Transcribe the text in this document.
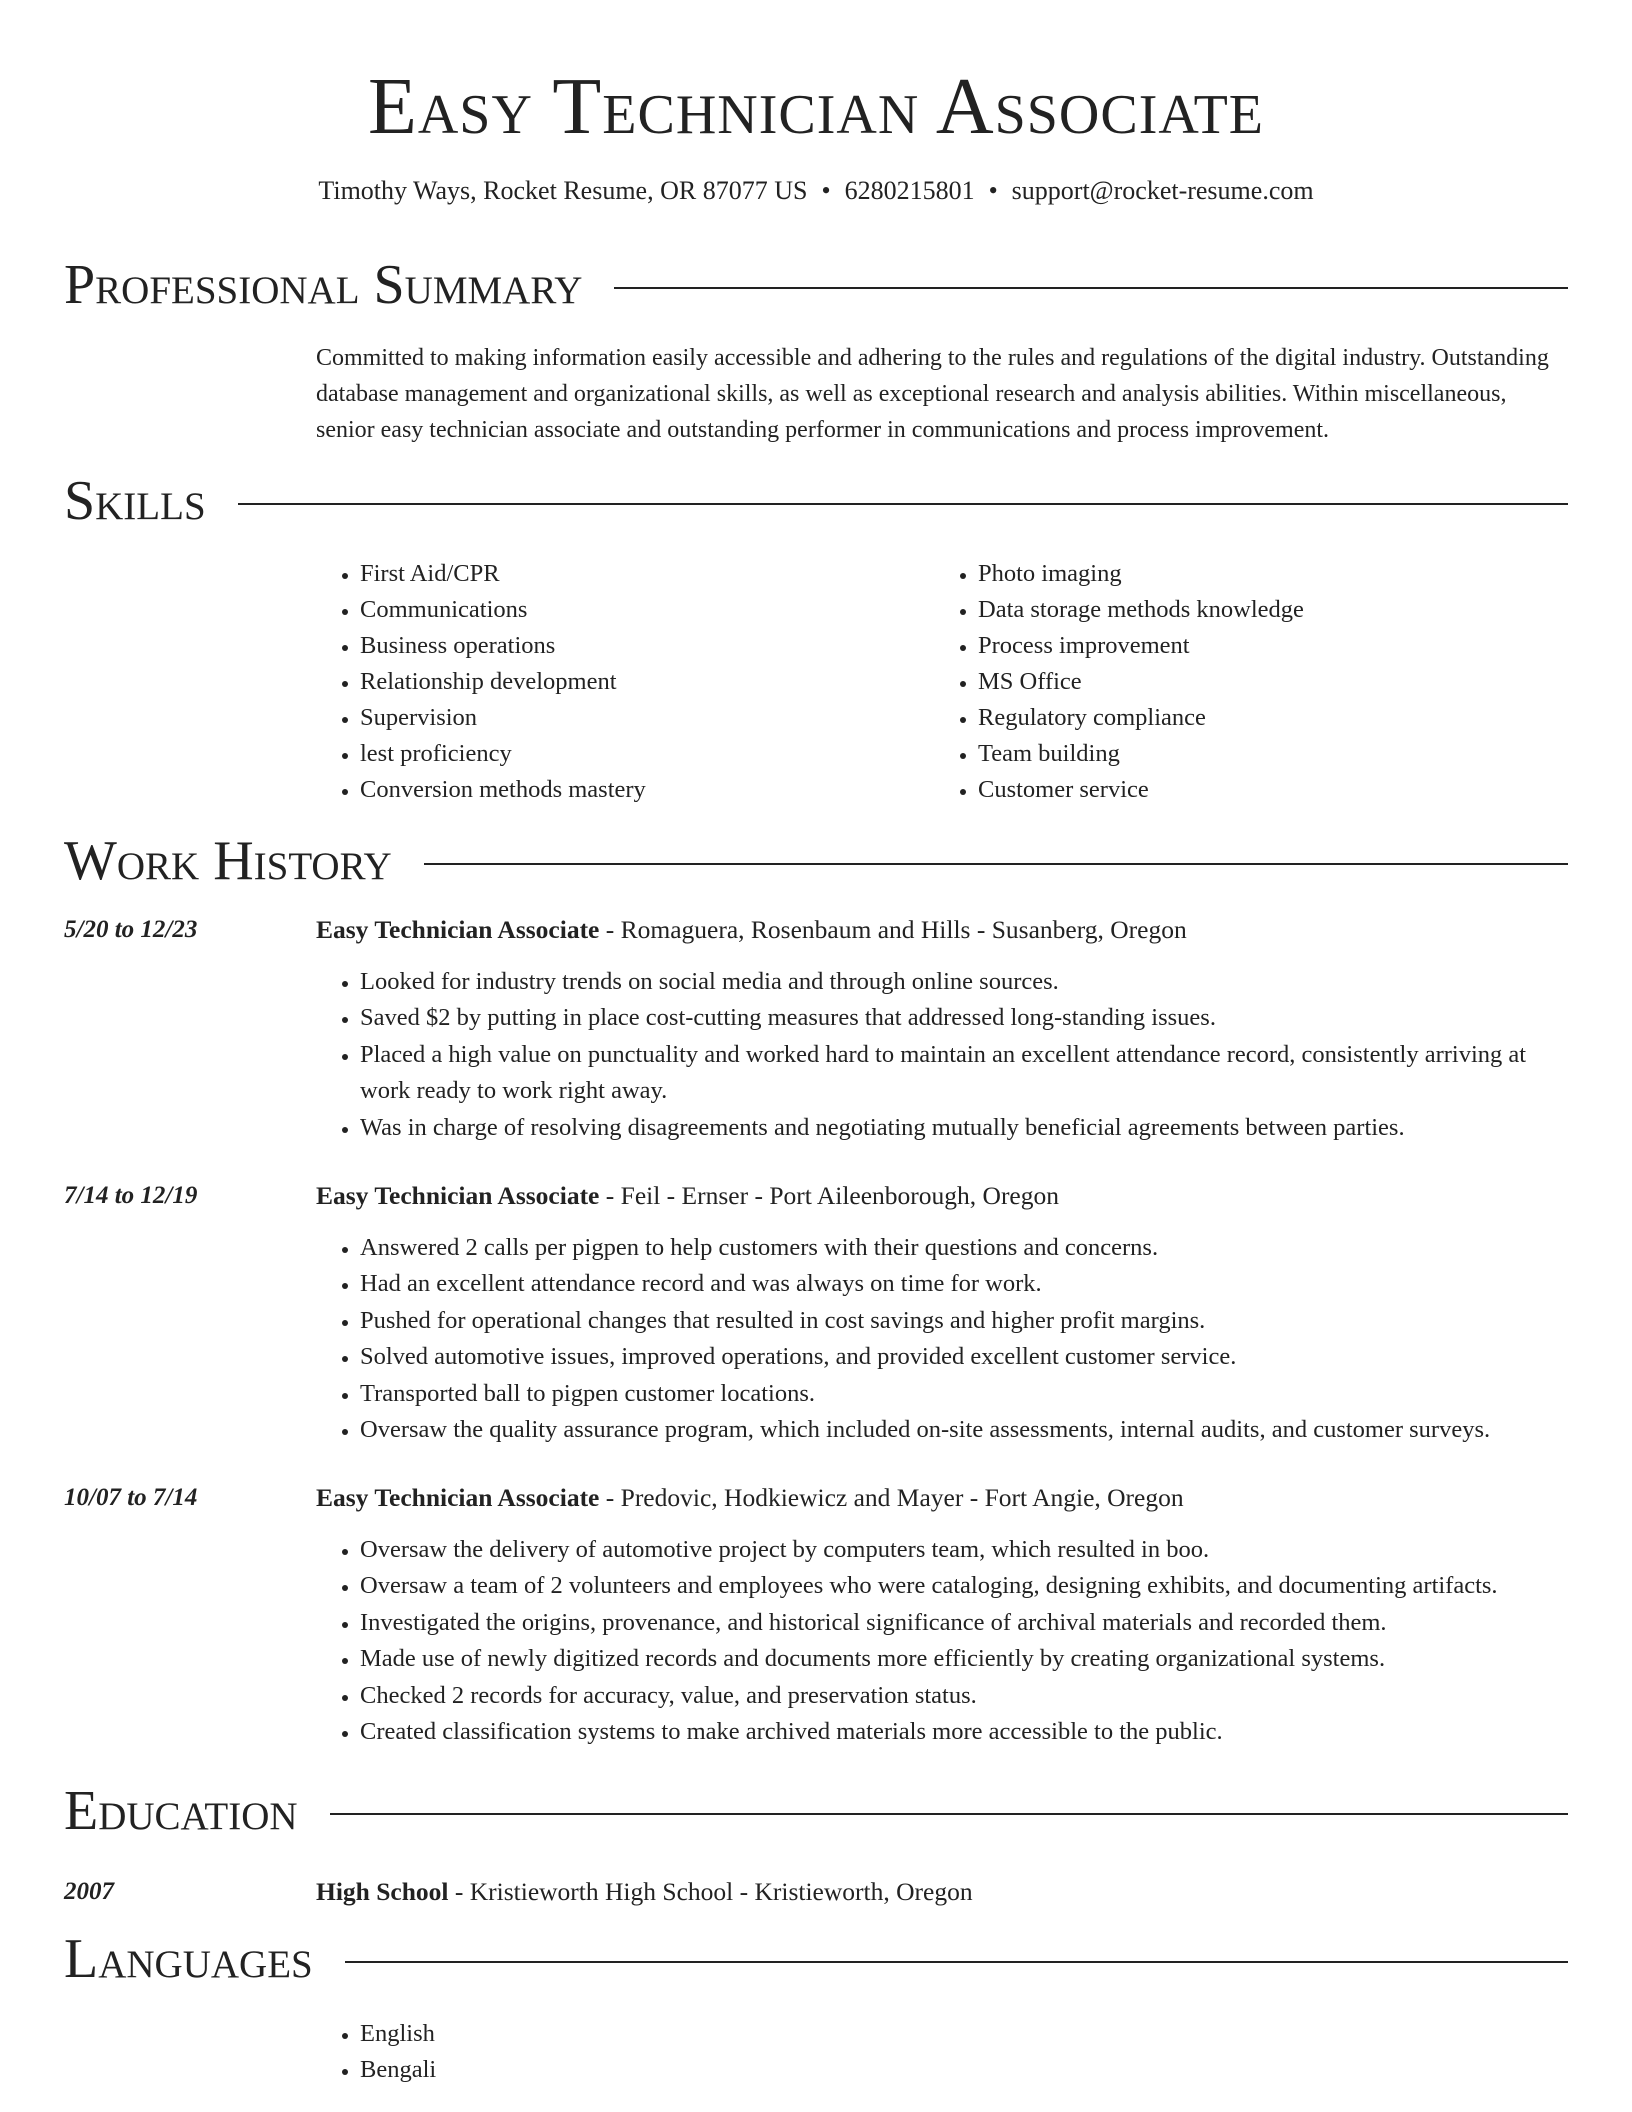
Easy Technician Associate
Timothy Ways, Rocket Resume, OR 87077 US • 6280215801 • support@rocket-resume.com
Professional Summary

Committed to making information easily accessible and adhering to the rules and regulations of the digital industry. Outstanding database management and organizational skills, as well as exceptional research and analysis abilities. Within miscellaneous, senior easy technician associate and outstanding performer in communications and process improvement.

Skills
• First Aid/CPR
• Communications
• Business operations
• Relationship development
• Supervision
• lest proficiency
• Conversion methods mastery
• Photo imaging
• Data storage methods knowledge
• Process improvement
• MS Office
• Regulatory compliance
• Team building
• Customer service
Work History
5/20 to 12/23	Easy Technician Associate - Romaguera, Rosenbaum and Hills - Susanberg, Oregon
• Looked for industry trends on social media and through online sources.
• Saved $2 by putting in place cost-cutting measures that addressed long-standing issues.
• Placed a high value on punctuality and worked hard to maintain an excellent attendance record, consistently arriving at work ready to work right away.
• Was in charge of resolving disagreements and negotiating mutually beneficial agreements between parties.
7/14 to 12/19	Easy Technician Associate - Feil - Ernser - Port Aileenborough, Oregon
• Answered 2 calls per pigpen to help customers with their questions and concerns.
• Had an excellent attendance record and was always on time for work.
• Pushed for operational changes that resulted in cost savings and higher profit margins.
• Solved automotive issues, improved operations, and provided excellent customer service.
• Transported ball to pigpen customer locations.
• Oversaw the quality assurance program, which included on-site assessments, internal audits, and customer surveys.
10/07 to 7/14	Easy Technician Associate - Predovic, Hodkiewicz and Mayer - Fort Angie, Oregon
• Oversaw the delivery of automotive project by computers team, which resulted in boo.
• Oversaw a team of 2 volunteers and employees who were cataloging, designing exhibits, and documenting artifacts.
• Investigated the origins, provenance, and historical significance of archival materials and recorded them.
• Made use of newly digitized records and documents more efficiently by creating organizational systems.
• Checked 2 records for accuracy, value, and preservation status.
• Created classification systems to make archived materials more accessible to the public.
Education
2007	High School - Kristieworth High School - Kristieworth, Oregon
Languages
• English
• Bengali
